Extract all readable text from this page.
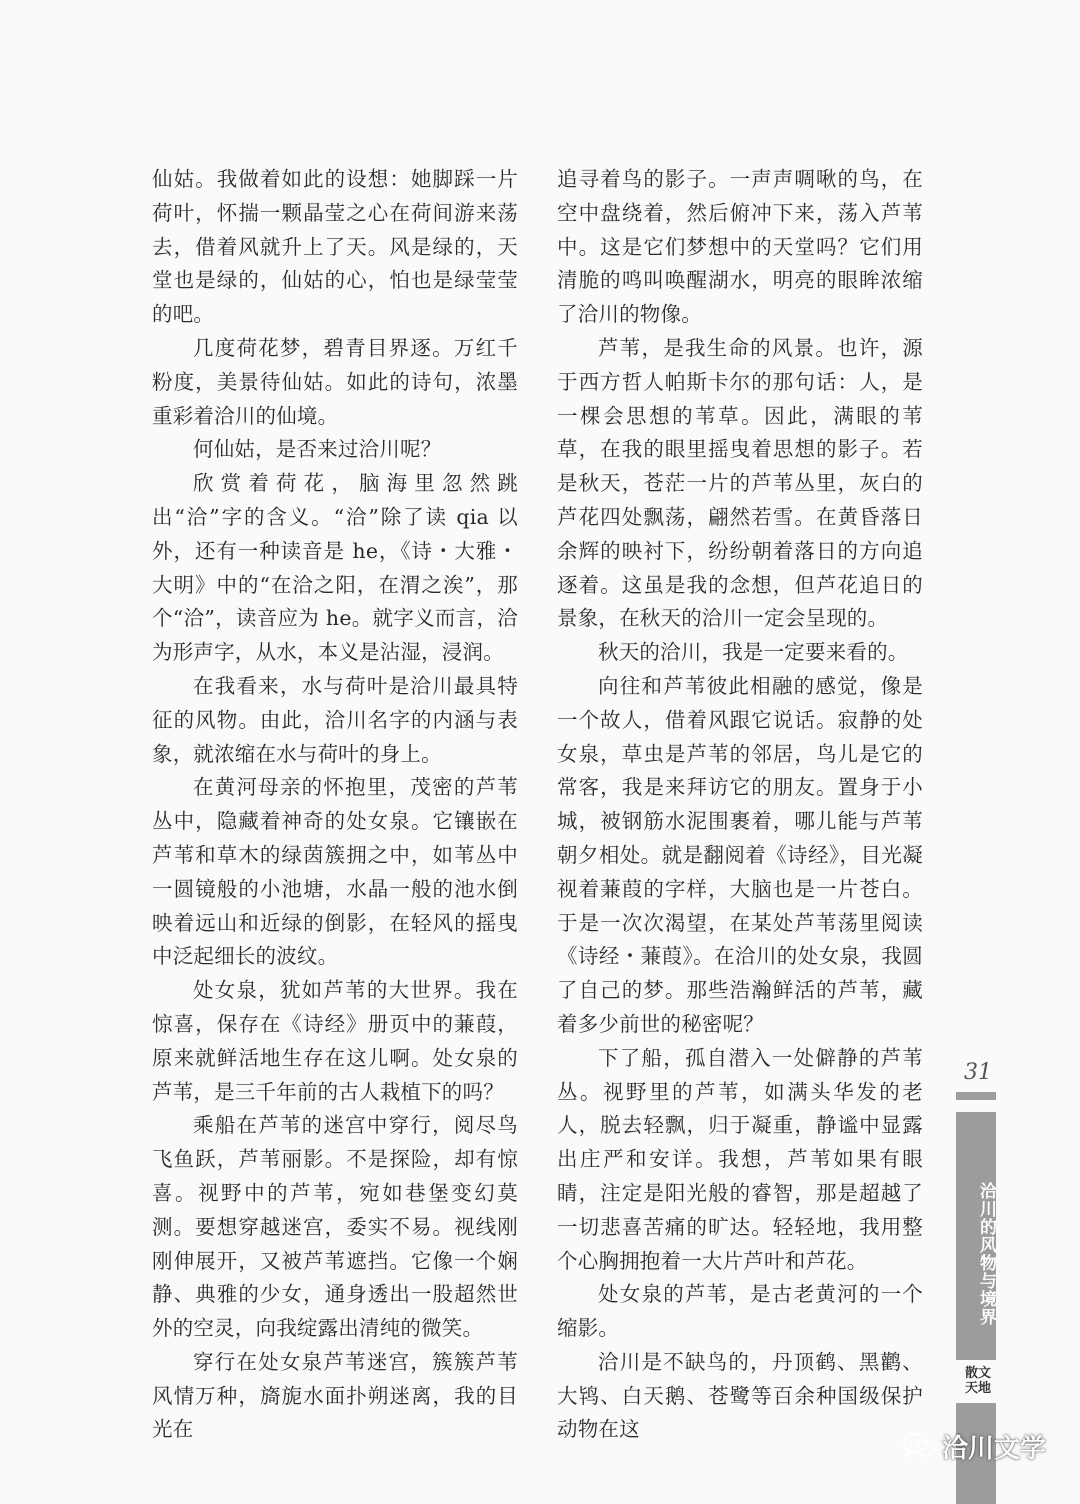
仙姑。我做着如此的设想：她脚踩一片荷叶，怀揣一颗晶莹之心在荷间游来荡去，借着风就升上了天。风是绿的，天堂也是绿的，仙姑的心，怕也是绿莹莹的吧。

几度荷花梦，碧青目界逐。万红千粉度，美景待仙姑。如此的诗句，浓墨重彩着洽川的仙境。

何仙姑，是否来过洽川呢？

欣赏着荷花，脑海里忽然跳出“洽”字的含义。“洽”除了读 qia 以外，还有一种读音是 he，《诗・大雅・大明》中的“在洽之阳，在渭之涘”，那个“洽”，读音应为 he。就字义而言，洽为形声字，从水，本义是沾湿，浸润。

在我看来，水与荷叶是洽川最具特征的风物。由此，洽川名字的内涵与表象，就浓缩在水与荷叶的身上。

在黄河母亲的怀抱里，茂密的芦苇丛中，隐藏着神奇的处女泉。它镶嵌在芦苇和草木的绿茵簇拥之中，如苇丛中一圆镜般的小池塘，水晶一般的池水倒映着远山和近绿的倒影，在轻风的摇曳中泛起细长的波纹。

处女泉，犹如芦苇的大世界。我在惊喜，保存在《诗经》册页中的蒹葭，原来就鲜活地生存在这儿啊。处女泉的芦苇，是三千年前的古人栽植下的吗？

乘船在芦苇的迷宫中穿行，阅尽鸟飞鱼跃，芦苇丽影。不是探险，却有惊喜。视野中的芦苇，宛如巷堡变幻莫测。要想穿越迷宫，委实不易。视线刚刚伸展开，又被芦苇遮挡。它像一个娴静、典雅的少女，通身透出一股超然世外的空灵，向我绽露出清纯的微笑。

穿行在处女泉芦苇迷宫，簇簇芦苇风情万种，旖旎水面扑朔迷离，我的目光在

追寻着鸟的影子。一声声啁啾的鸟，在空中盘绕着，然后俯冲下来，荡入芦苇中。这是它们梦想中的天堂吗？它们用清脆的鸣叫唤醒湖水，明亮的眼眸浓缩了洽川的物像。

芦苇，是我生命的风景。也许，源于西方哲人帕斯卡尔的那句话：人，是一棵会思想的苇草。因此，满眼的苇草，在我的眼里摇曳着思想的影子。若是秋天，苍茫一片的芦苇丛里，灰白的芦花四处飘荡，翩然若雪。在黄昏落日余辉的映衬下，纷纷朝着落日的方向追逐着。这虽是我的念想，但芦花追日的景象，在秋天的洽川一定会呈现的。

秋天的洽川，我是一定要来看的。

向往和芦苇彼此相融的感觉，像是一个故人，借着风跟它说话。寂静的处女泉，草虫是芦苇的邻居，鸟儿是它的常客，我是来拜访它的朋友。置身于小城，被钢筋水泥围裹着，哪儿能与芦苇朝夕相处。就是翻阅着《诗经》，目光凝视着蒹葭的字样，大脑也是一片苍白。于是一次次渴望，在某处芦苇荡里阅读《诗经・蒹葭》。在洽川的处女泉，我圆了自己的梦。那些浩瀚鲜活的芦苇，藏着多少前世的秘密呢？

下了船，孤自潜入一处僻静的芦苇丛。视野里的芦苇，如满头华发的老人，脱去轻飘，归于凝重，静谧中显露出庄严和安详。我想，芦苇如果有眼睛，注定是阳光般的睿智，那是超越了一切悲喜苦痛的旷达。轻轻地，我用整个心胸拥抱着一大片芦叶和芦花。

处女泉的芦苇，是古老黄河的一个缩影。

洽川是不缺鸟的，丹顶鹤、黑鹳、大鸨、白天鹅、苍鹭等百余种国级保护动物在这

31
洽川的风物与境界
散文
天地
洽川文学
